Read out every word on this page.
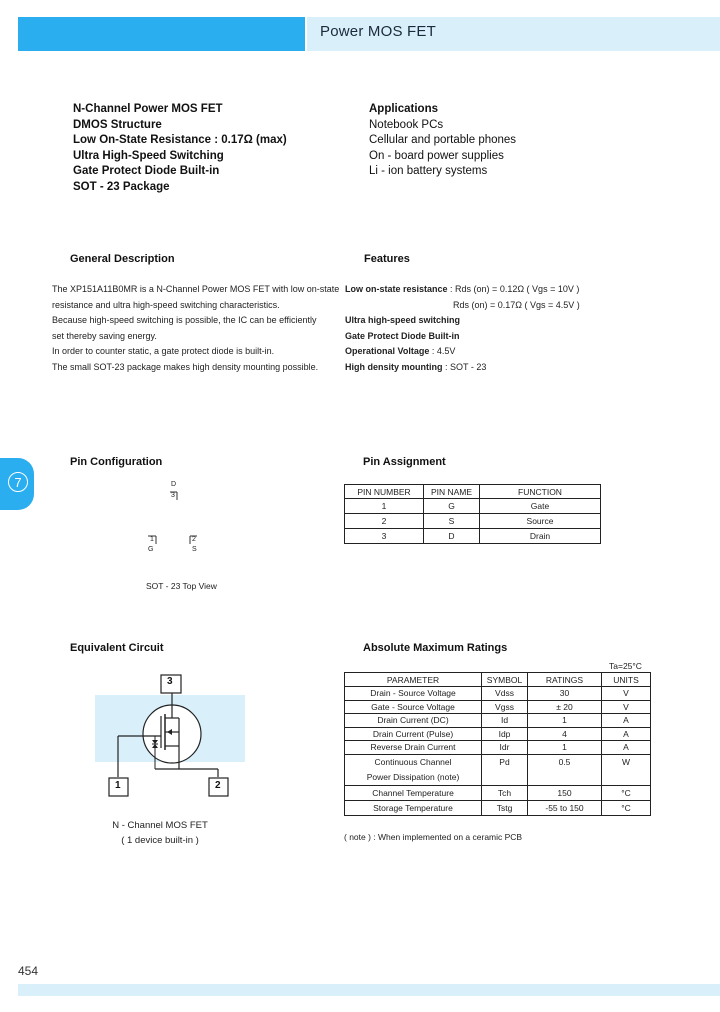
Power MOS FET
N-Channel Power MOS FET
DMOS Structure
Low On-State Resistance : 0.17Ω (max)
Ultra High-Speed Switching
Gate Protect Diode Built-in
SOT - 23 Package
Applications
Notebook PCs
Cellular and portable phones
On - board power supplies
Li - ion battery systems
General Description
The XP151A11B0MR is a N-Channel Power MOS FET with low on-state
resistance and ultra high-speed switching characteristics.
Because high-speed switching is possible, the IC can be efficiently
set thereby saving energy.
In order to counter static, a gate protect diode is built-in.
The small SOT-23 package makes high density mounting possible.
Features
Low on-state resistance : Rds (on) = 0.12Ω ( Vgs = 10V )
Rds (on) = 0.17Ω ( Vgs = 4.5V )
Ultra high-speed switching
Gate Protect Diode Built-in
Operational Voltage : 4.5V
High density mounting : SOT - 23
7
Pin Configuration
D
3
1
G
2
S
SOT - 23 Top View
Pin Assignment
PIN NUMBER	PIN NAME	FUNCTION
1	G	Gate
2	S	Source
3	D	Drain
Equivalent Circuit
3
1	2
N - Channel MOS FET
( 1 device built-in )
Absolute Maximum Ratings
Ta=25°C
PARAMETER	SYMBOL	RATINGS	UNITS
Drain - Source Voltage	Vdss	30	V
Gate - Source Voltage	Vgss	± 20	V
Drain Current (DC)	Id	1	A
Drain Current (Pulse)	Idp	4	A
Reverse Drain Current	Idr	1	A

Continuous Channel
Power Dissipation (note)	Pd	0.5	W
Channel Temperature	Tch	150	°C
Storage Temperature	Tstg	-55 to 150	°C
( note ) : When implemented on a ceramic PCB
454
